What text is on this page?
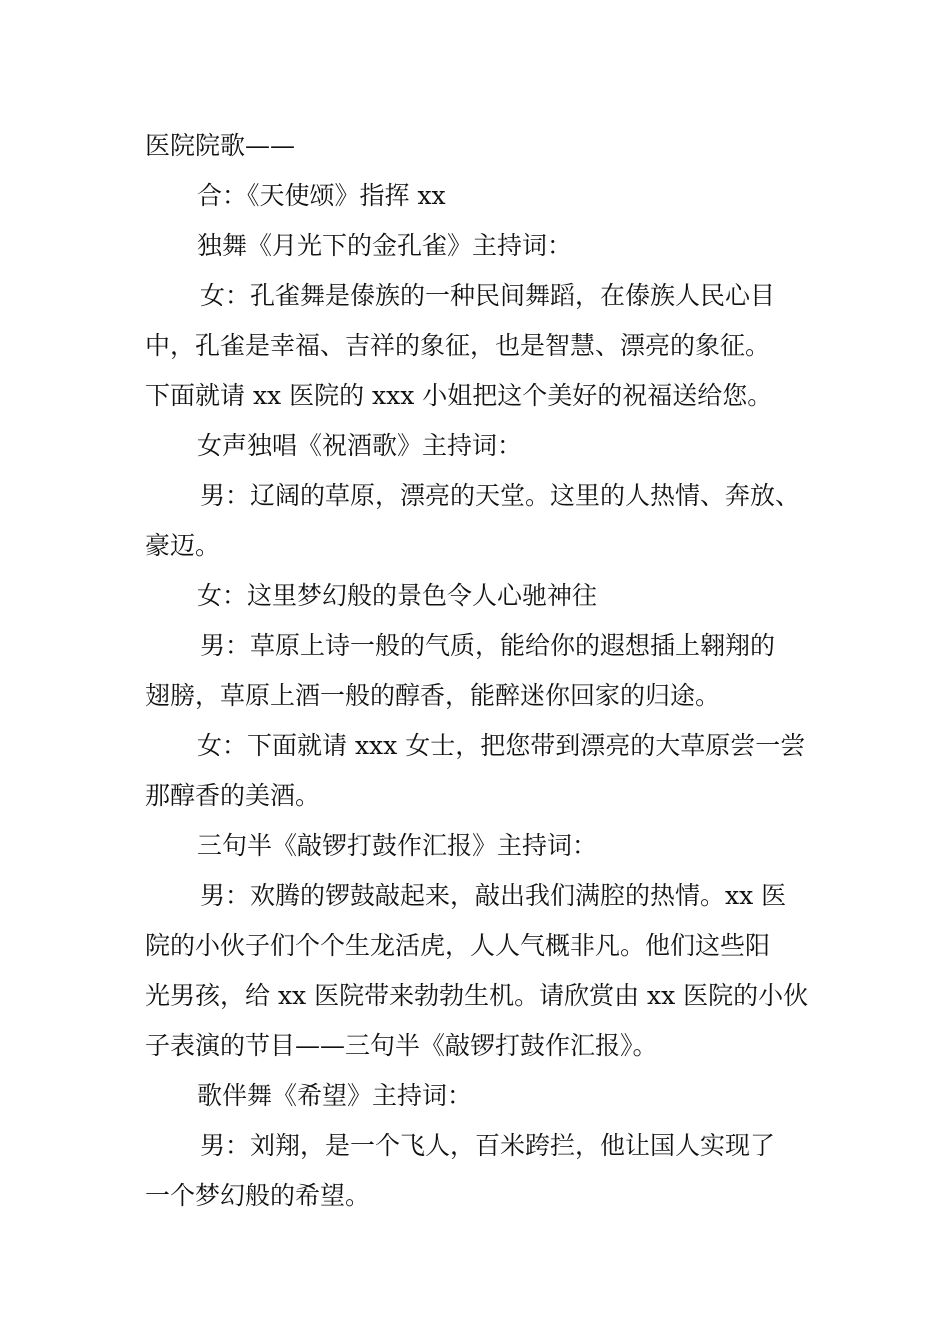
医院院歌——
合：《天使颂》指挥 xx
独舞《月光下的金孔雀》主持词：
女：孔雀舞是傣族的一种民间舞蹈，在傣族人民心目
中，孔雀是幸福、吉祥的象征，也是智慧、漂亮的象征。
下面就请 xx 医院的 xxx 小姐把这个美好的祝福送给您。
女声独唱《祝酒歌》主持词：
男：辽阔的草原，漂亮的天堂。这里的人热情、奔放、
豪迈。
女：这里梦幻般的景色令人心驰神往
男：草原上诗一般的气质，能给你的遐想插上翱翔的
翅膀，草原上酒一般的醇香，能醉迷你回家的归途。
女：下面就请 xxx 女士，把您带到漂亮的大草原尝一尝
那醇香的美酒。
三句半《敲锣打鼓作汇报》主持词：
男：欢腾的锣鼓敲起来，敲出我们满腔的热情。xx 医
院的小伙子们个个生龙活虎，人人气概非凡。他们这些阳
光男孩，给 xx 医院带来勃勃生机。请欣赏由 xx 医院的小伙
子表演的节目——三句半《敲锣打鼓作汇报》。
歌伴舞《希望》主持词：
男：刘翔，是一个飞人，百米跨拦，他让国人实现了
一个梦幻般的希望。
